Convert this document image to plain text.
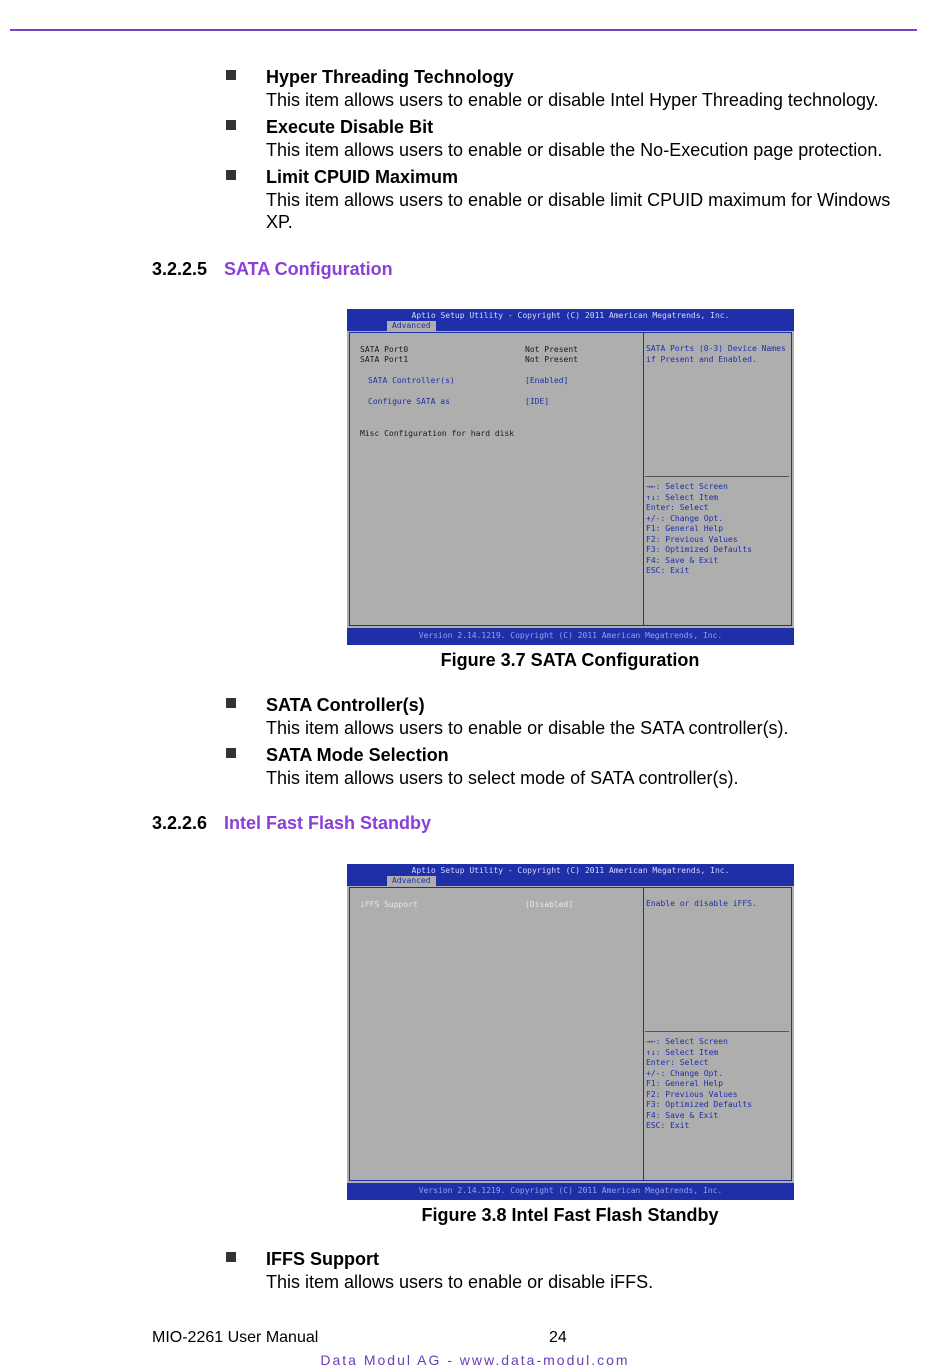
Hyper Threading Technology
This item allows users to enable or disable Intel Hyper Threading technology.
Execute Disable Bit
This item allows users to enable or disable the No-Execution page protection.
Limit CPUID Maximum
This item allows users to enable or disable limit CPUID maximum for Windows XP.
3.2.2.5 SATA Configuration
Aptio Setup Utility - Copyright (C) 2011 American Megatrends, Inc.
Advanced
SATA Port0	Not Present
SATA Port1	Not Present
SATA Controller(s)	[Enabled]
Configure SATA as	[IDE]
Misc Configuration for hard disk
SATA Ports (0-3) Device Names
if Present and Enabled.
→←: Select Screen
↑↓: Select Item
Enter: Select
+/-: Change Opt.
F1: General Help
F2: Previous Values
F3: Optimized Defaults
F4: Save & Exit
ESC: Exit
Version 2.14.1219. Copyright (C) 2011 American Megatrends, Inc.
Figure 3.7 SATA Configuration
SATA Controller(s)
This item allows users to enable or disable the SATA controller(s).
SATA Mode Selection
This item allows users to select mode of SATA controller(s).
3.2.2.6 Intel Fast Flash Standby
Aptio Setup Utility - Copyright (C) 2011 American Megatrends, Inc.
Advanced
iFFS Support	[Disabled]	Enable or disable iFFS.
→←: Select Screen
↑↓: Select Item
Enter: Select
+/-: Change Opt.
F1: General Help
F2: Previous Values
F3: Optimized Defaults
F4: Save & Exit
ESC: Exit
Version 2.14.1219. Copyright (C) 2011 American Megatrends, Inc.
Figure 3.8 Intel Fast Flash Standby
IFFS Support
This item allows users to enable or disable iFFS.
MIO-2261 User Manual	24
Data Modul AG - www.data-modul.com
